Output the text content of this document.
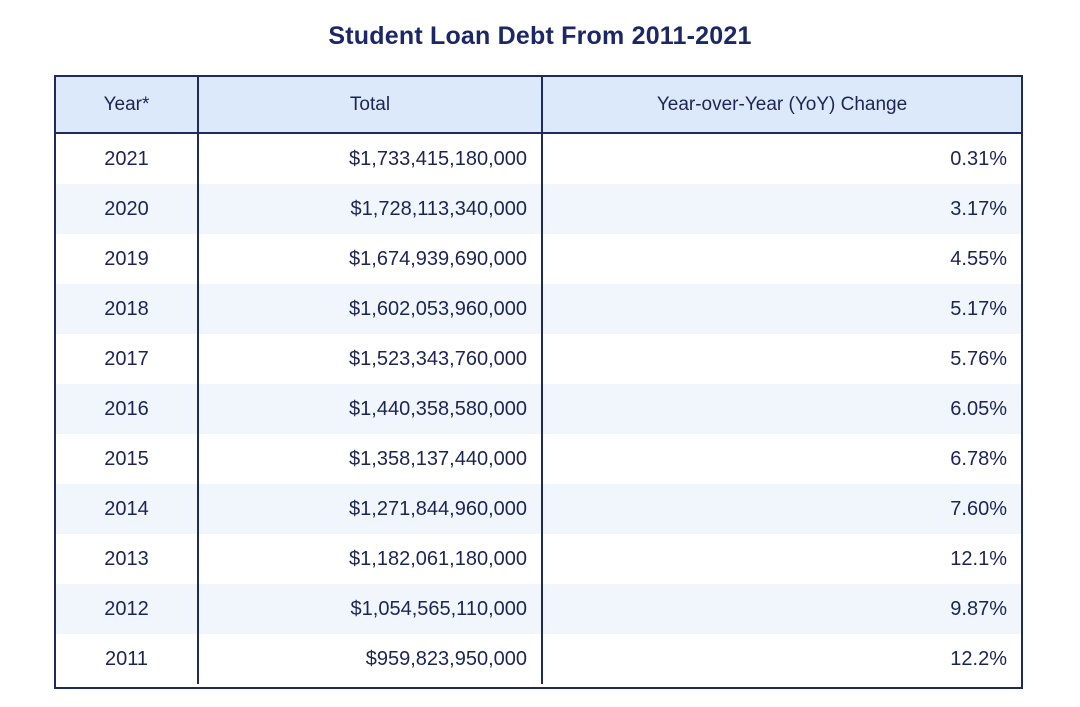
Student Loan Debt From 2011-2021
Year*	Total	Year-over-Year (YoY) Change
2021	$1,733,415,180,000	0.31%
2020	$1,728,113,340,000	3.17%
2019	$1,674,939,690,000	4.55%
2018	$1,602,053,960,000	5.17%
2017	$1,523,343,760,000	5.76%
2016	$1,440,358,580,000	6.05%
2015	$1,358,137,440,000	6.78%
2014	$1,271,844,960,000	7.60%
2013	$1,182,061,180,000	12.1%
2012	$1,054,565,110,000	9.87%
2011	$959,823,950,000	12.2%
